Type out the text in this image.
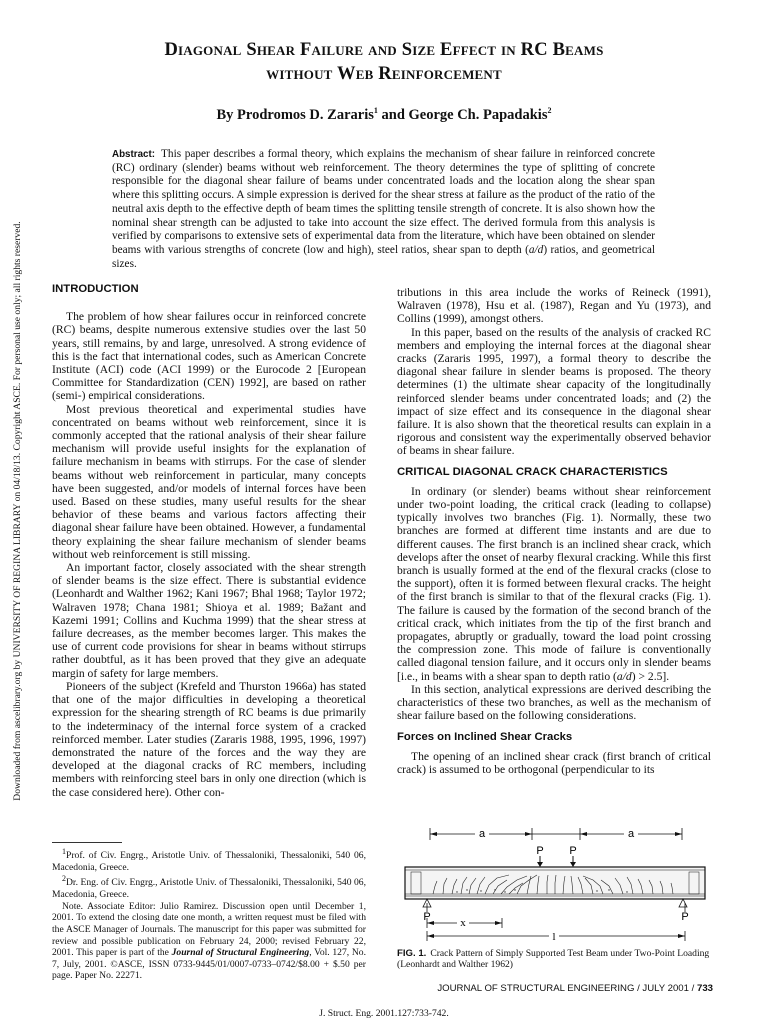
Downloaded from ascelibrary.org by UNIVERSITY OF REGINA LIBRARY on 04/18/13. Copyright ASCE. For personal use only; all rights reserved.
Diagonal Shear Failure and Size Effect in RC Beams
without Web Reinforcement
By Prodromos D. Zararis$^1$ and George Ch. Papadakis$^2$
Abstract: This paper describes a formal theory, which explains the mechanism of shear failure in reinforced concrete (RC) ordinary (slender) beams without web reinforcement. The theory determines the type of splitting of concrete responsible for the diagonal shear failure of beams under concentrated loads and the location along the shear span where this splitting occurs. A simple expression is derived for the shear stress at failure as the product of the ratio of the neutral axis depth to the effective depth of beam times the splitting tensile strength of concrete. It is also shown how the nominal shear strength can be adjusted to take into account the size effect. The derived formula from this analysis is verified by comparisons to extensive sets of experimental data from the literature, which have been obtained on slender beams with various strengths of concrete (low and high), steel ratios, shear span to depth (a/d) ratios, and geometrical sizes.

INTRODUCTION

The problem of how shear failures occur in reinforced concrete (RC) beams, despite numerous extensive studies over the last 50 years, still remains, by and large, unresolved. A strong evidence of this is the fact that international codes, such as American Concrete Institute (ACI) code (ACI 1999) or the Eurocode 2 [European Committee for Standardization (CEN) 1992], are based on rather (semi-) empirical considerations.

Most previous theoretical and experimental studies have concentrated on beams without web reinforcement, since it is commonly accepted that the rational analysis of their shear failure mechanism will provide useful insights for the explanation of failure mechanism in beams with stirrups. For the case of slender beams without web reinforcement in particular, many concepts have been suggested, and/or models of internal forces have been used. Based on these studies, many useful results for the shear behavior of these beams and various factors affecting their diagonal shear failure have been obtained. However, a fundamental theory explaining the shear failure mechanism of slender beams without web reinforcement is still missing.

An important factor, closely associated with the shear strength of slender beams is the size effect. There is substantial evidence (Leonhardt and Walther 1962; Kani 1967; Bhal 1968; Taylor 1972; Walraven 1978; Chana 1981; Shioya et al. 1989; Bažant and Kazemi 1991; Collins and Kuchma 1999) that the shear stress at failure decreases, as the member becomes larger. This makes the use of current code provisions for shear in beams without stirrups rather doubtful, as it has been proved that they give an adequate margin of safety for large members.

Pioneers of the subject (Krefeld and Thurston 1966a) has stated that one of the major difficulties in developing a theoretical expression for the shearing strength of RC beams is due primarily to the indeterminacy of the internal force system of a cracked reinforced member. Later studies (Zararis 1988, 1995, 1996, 1997) demonstrated the nature of the forces and the way they are developed at the diagonal cracks of RC members, including members with reinforcing steel bars in only one direction (which is the case considered here). Other con-

$^1$Prof. of Civ. Engrg., Aristotle Univ. of Thessaloniki, Thessaloniki, 540 06, Macedonia, Greece.

$^2$Dr. Eng. of Civ. Engrg., Aristotle Univ. of Thessaloniki, Thessaloniki, 540 06, Macedonia, Greece.

Note. Associate Editor: Julio Ramirez. Discussion open until December 1, 2001. To extend the closing date one month, a written request must be filed with the ASCE Manager of Journals. The manuscript for this paper was submitted for review and possible publication on February 24, 2000; revised February 22, 2001. This paper is part of the Journal of Structural Engineering, Vol. 127, No. 7, July, 2001. ©ASCE, ISSN 0733-9445/01/0007-0733–0742/$8.00 + $.50 per page. Paper No. 22271.

tributions in this area include the works of Reineck (1991), Walraven (1978), Hsu et al. (1987), Regan and Yu (1973), and Collins (1999), amongst others.

In this paper, based on the results of the analysis of cracked RC members and employing the internal forces at the diagonal shear cracks (Zararis 1995, 1997), a formal theory to describe the diagonal shear failure in slender beams is proposed. The theory determines (1) the ultimate shear capacity of the longitudinally reinforced slender beams under concentrated loads; and (2) the impact of size effect and its consequence in the diagonal shear failure. It is also shown that the theoretical results can explain in a rigorous and consistent way the experimentally observed behavior of beams in shear failure.

CRITICAL DIAGONAL CRACK CHARACTERISTICS

In ordinary (or slender) beams without shear reinforcement under two-point loading, the critical crack (leading to collapse) typically involves two branches (Fig. 1). Normally, these two branches are formed at different time instants and are due to different causes. The first branch is an inclined shear crack, which develops after the onset of nearby flexural cracking. While this first branch is usually formed at the end of the flexural cracks (close to the support), often it is formed between flexural cracks. The height of the first branch is similar to that of the flexural cracks (Fig. 1). The failure is caused by the formation of the second branch of the critical crack, which initiates from the tip of the first branch and propagates, abruptly or gradually, toward the load point crossing the compression zone. This mode of failure is conventionally called diagonal tension failure, and it occurs only in slender beams [i.e., in beams with a shear span to depth ratio (a/d) > 2.5].

In this section, analytical expressions are derived describing the characteristics of these two branches, as well as the mechanism of shear failure based on the following considerations.

Forces on Inclined Shear Cracks

The opening of an inclined shear crack (first branch of critical crack) is assumed to be orthogonal (perpendicular to its

a	a
P P
P	P
x
l
FIG. 1. Crack Pattern of Simply Supported Test Beam under Two-Point Loading (Leonhardt and Walther 1962)
JOURNAL OF STRUCTURAL ENGINEERING / JULY 2001 / 733
J. Struct. Eng. 2001.127:733-742.
